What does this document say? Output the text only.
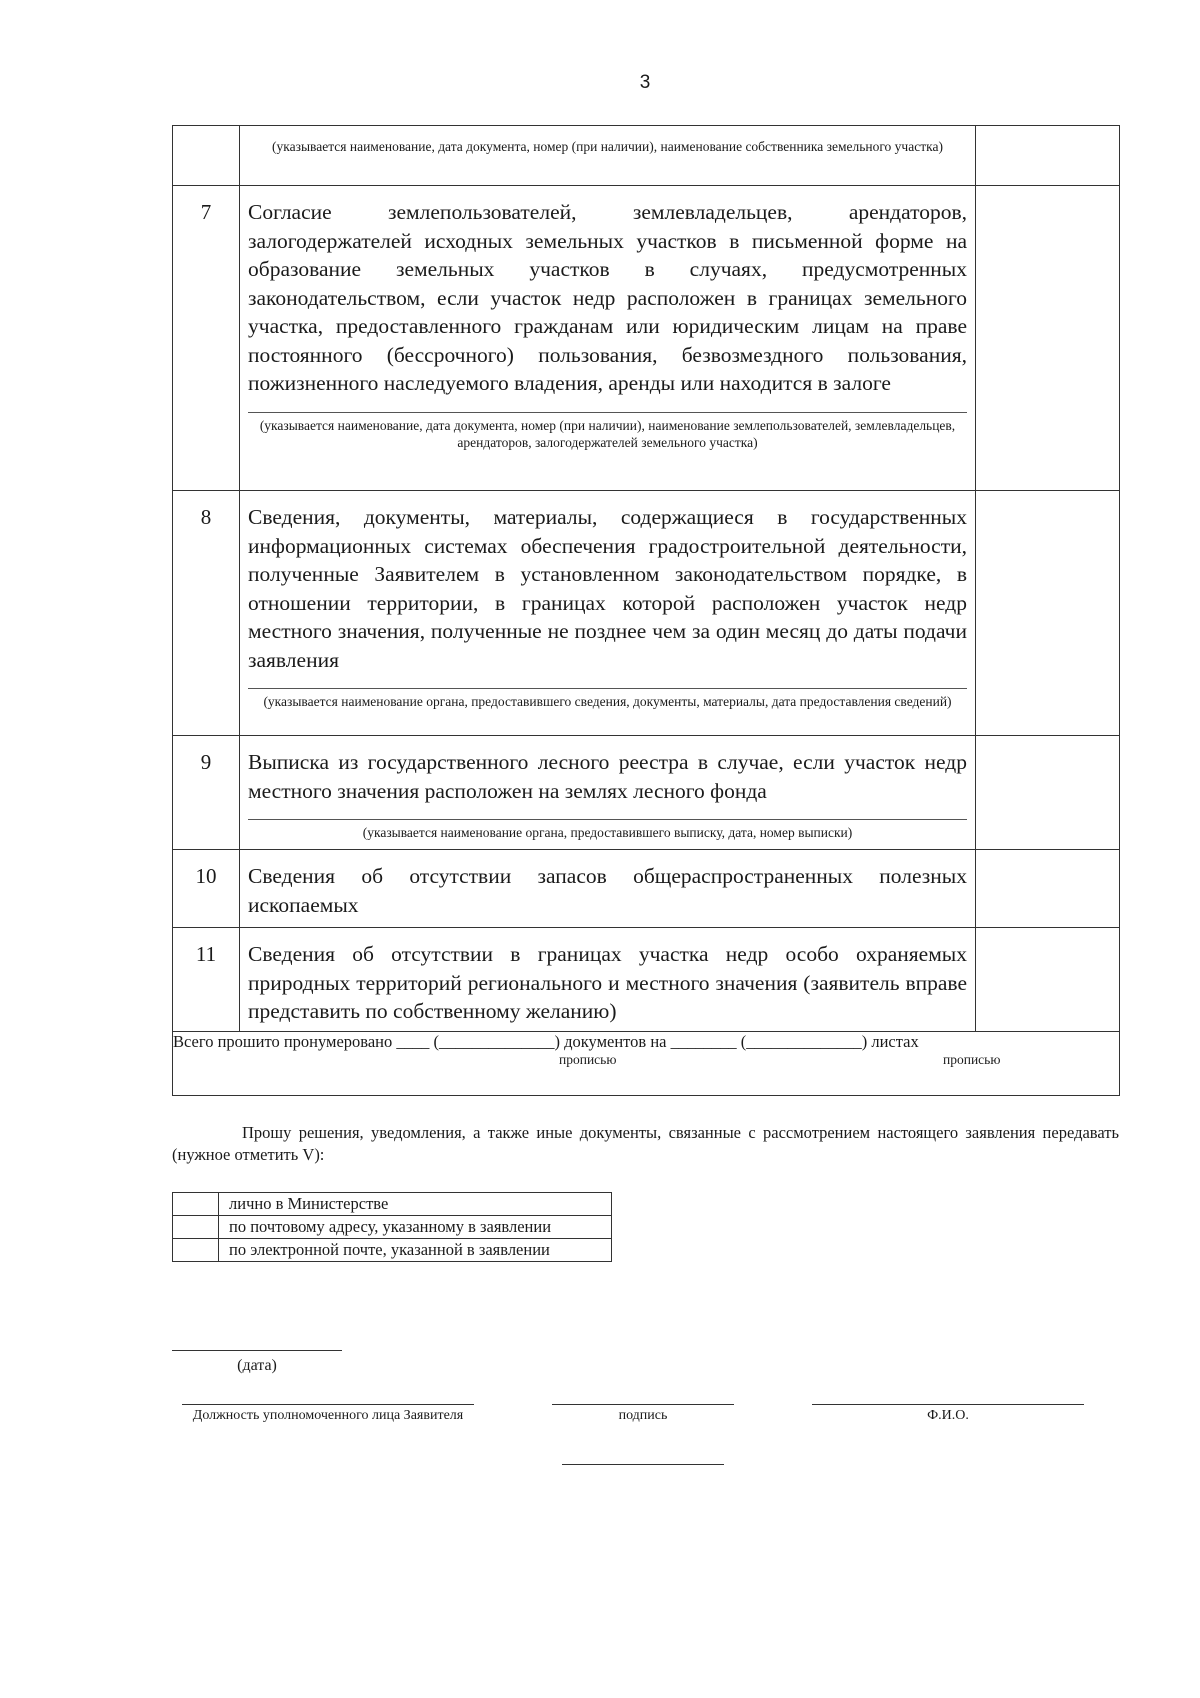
3

	(указывается наименование, дата документа, номер (при наличии), наименование собственника земельного участка)	

7	Согласие землепользователей, землевладельцев, арендаторов, залогодержателей исходных земельных участков в письменной форме на образование земельных участков в случаях, предусмотренных законодательством, если участок недр расположен в границах земельного участка, предоставленного гражданам или юридическим лицам на праве постоянного (бессрочного) пользования, безвозмездного пользования, пожизненного наследуемого владения, аренды или находится в залоге
(указывается наименование, дата документа, номер (при наличии), наименование землепользователей, землевладельцев, арендаторов, залогодержателей земельного участка)	

8	Сведения, документы, материалы, содержащиеся в государственных информационных системах обеспечения градостроительной деятельности, полученные Заявителем в установленном законодательством порядке, в отношении территории, в границах которой расположен участок недр местного значения, полученные не позднее чем за один месяц до даты подачи заявления
(указывается наименование органа, предоставившего сведения, документы, материалы, дата предоставления сведений)	

9	Выписка из государственного лесного реестра в случае, если участок недр местного значения расположен на землях лесного фонда
(указывается наименование органа, предоставившего выписку, дата, номер выписки)	

10	Сведения об отсутствии запасов общераспространенных полезных ископаемых	

11	Сведения об отсутствии в границах участка недр особо охраняемых природных территорий регионального и местного значения (заявитель вправе представить по собственному желанию)	

Всего прошито пронумеровано ____ (______________) документов на ________ (______________) листах
прописью прописью		
Прошу решения, уведомления, а также иные документы, связанные с рассмотрением настоящего заявления передавать (нужное отметить V):
	лично в Министерстве
	по почтовому адресу, указанному в заявлении
	по электронной почте, указанной в заявлении
(дата)
Должность уполномоченного лица Заявителя	подпись	Ф.И.О.
